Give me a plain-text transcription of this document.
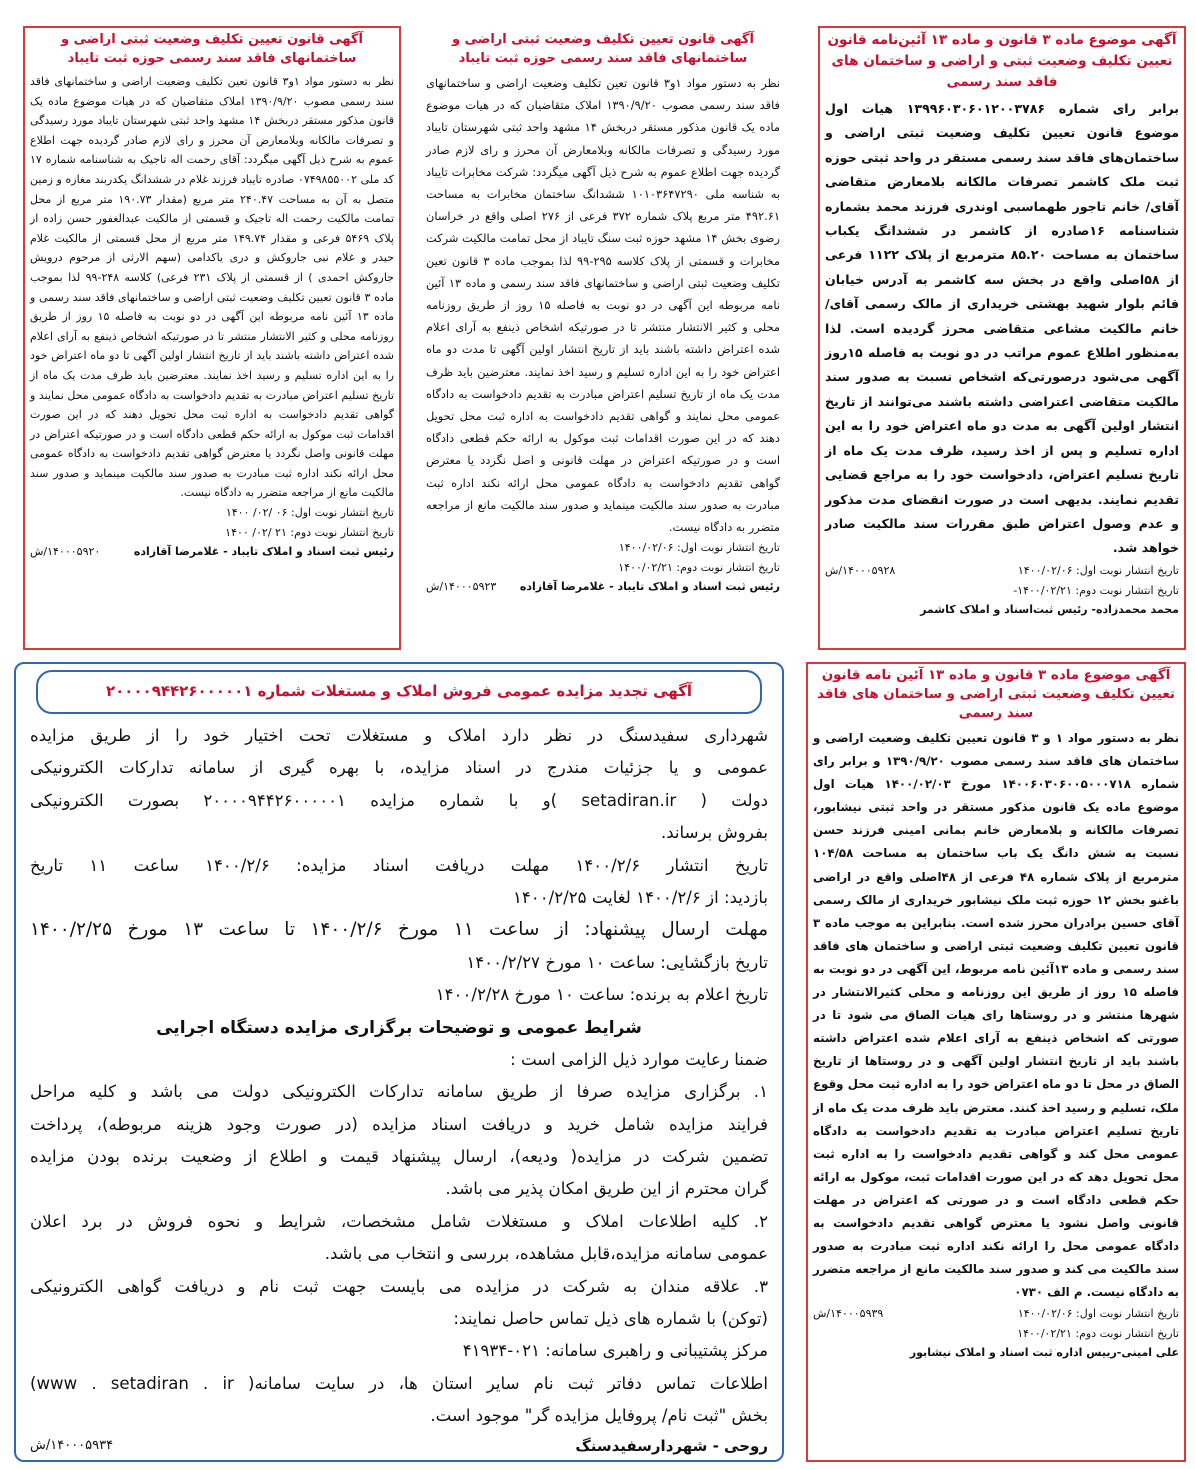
آگهی موضوع ماده ۳ قانون و ماده ۱۳ آئین‌نامه قانون تعیین تکلیف وضعیت ثبتی و اراضی و ساختمان های فاقد سند رسمی
برابر رای شماره ۱۳۹۹۶۰۳۰۶۰۱۲۰۰۳۷۸۶ هیات اول موضوع قانون تعیین تکلیف وضعیت ثبتی اراضی و ساختمان‌های فاقد سند رسمی مستقر در واحد ثبتی حوزه ثبت ملک کاشمر تصرفات مالکانه بلامعارض متقاضی آقای/ خانم تاجور طهماسبی اوندری فرزند محمد بشماره شناسنامه ۱۶صادره از کاشمر در ششدانگ یکباب ساختمان به مساحت ۸۵.۲۰ مترمربع از پلاک ۱۱۲۲ فرعی از ۵۸اصلی واقع در بخش سه کاشمر به آدرس خیابان قائم بلوار شهید بهشتی خریداری از مالک رسمی آقای/خانم مالکیت مشاعی متقاضی محرز گردیده است. لذا به‌منظور اطلاع عموم مراتب در دو نوبت به فاصله ۱۵روز آگهی می‌شود درصورتی‌که اشخاص نسبت به صدور سند مالکیت متقاضی اعتراضی داشته باشند می‌توانند از تاریخ انتشار اولین آگهی به مدت دو ماه اعتراض خود را به این اداره تسلیم و پس از اخذ رسید، ظرف مدت یک ماه از تاریخ تسلیم اعتراض، دادخواست خود را به مراجع قضایی تقدیم نمایند. بدیهی است در صورت انقضای مدت مذکور و عدم وصول اعتراض طبق مقررات سند مالکیت صادر خواهد شد.
تاریخ انتشار نوبت اول: ۱۴۰۰/۰۲/۰۶
۱۴۰۰۰۵۹۲۸/ش
تاریخ انتشار نوبت دوم: ۱۴۰۰/۰۲/۲۱-
محمد محمدزاده- رئیس ثبت‌اسناد و املاک کاشمر
آگهی قانون تعیین تکلیف وضعیت ثبتی اراضی و ساختمانهای فاقد سند رسمی حوزه ثبت تایباد
نظر به دستور مواد ۱و۳ قانون تعین تکلیف وضعیت اراضی و ساختمانهای فاقد سند رسمی مصوب ۱۳۹۰/۹/۲۰ املاک متقاضیان که در هیات موضوع ماده یک قانون مذکور مستقر دربخش ۱۴ مشهد واحد ثبتی شهرستان تایباد مورد رسیدگی و تصرفات مالکانه وبلامعارض آن محرز و رای لازم صادر گردیده جهت اطلاع عموم به شرح ذیل آگهی میگردد: شرکت مخابرات تایباد به شناسه ملی ۱۰۱۰۳۶۴۷۲۹۰ ششدانگ ساختمان مخابرات به مساحت ۴۹۲.۶۱ متر مربع پلاک شماره ۳۷۲ فرعی از ۲۷۶ اصلی واقع در خراسان رضوی بخش ۱۴ مشهد حوزه ثبت سنگ تایباد از محل تمامت مالکیت شرکت مخابرات و قسمتی از پلاک کلاسه ۲۹۵-۹۹ لذا بموجب ماده ۳ قانون تعین تکلیف وضعیت ثبتی اراضی و ساختمانهای فاقد سند رسمی و ماده ۱۳ آئین نامه مربوطه این آگهی در دو نوبت به فاصله ۱۵ روز از طریق روزنامه محلی و کثیر الانتشار منتشر تا در صورتیکه اشخاص ذینفع به آرای اعلام شده اعتراض داشته باشند باید از تاریخ انتشار اولین آگهی تا مدت دو ماه اعتراض خود را به این اداره تسلیم و رسید اخذ نمایند. معترضین باید ظرف مدت یک ماه از تاریخ تسلیم اعتراض مبادرت به تقدیم دادخواست به دادگاه عمومی محل نمایند و گواهی تقدیم دادخواست به اداره ثبت محل تحویل دهند که در این صورت اقدامات ثبت موکول به ارائه حکم قطعی دادگاه است و در صورتیکه اعتراض در مهلت قانونی و اصل نگردد یا معترض گواهی تقدیم دادخواست به دادگاه عمومی محل ارائه نکند اداره ثبت مبادرت به صدور سند مالکیت مینماید و صدور سند مالکیت مانع از مراجعه متضرر به دادگاه نیست.
تاریخ انتشار نوبت اول: ۱۴۰۰/۰۲/۰۶
تاریخ انتشار نوبت دوم: ۱۴۰۰/۰۲/۲۱
رئیس ثبت اسناد و املاک تایباد - غلامرضا آقازاده
۱۴۰۰۰۵۹۲۳/ش
آگهی قانون تعیین تکلیف وضعیت ثبتی اراضی و ساختمانهای فاقد سند رسمی حوزه ثبت تایباد
نظر به دستور مواد ۱و۳ قانون تعین تکلیف وضعیت اراضی و ساختمانهای فاقد سند رسمی مصوب ۱۳۹۰/۹/۲۰ املاک متقاضیان که در هیات موضوع ماده یک قانون مذکور مستقر دربخش ۱۴ مشهد واحد ثبتی شهرستان تایباد مورد رسیدگی و تصرفات مالکانه وبلامعارض آن محرز و رای لازم صادر گردیده جهت اطلاع عموم به شرح ذیل آگهی میگردد: آقای رحمت اله تاجیک به شناسنامه شماره ۱۷ کد ملی ۰۷۴۹۸۵۵۰۰۲ صادره تایباد فرزند غلام در ششدانگ یکدربند مغازه و زمین متصل به آن به مساحت ۲۴۰.۴۷ متر مربع (مقدار ۱۹۰.۷۳ متر مربع از محل تمامت مالکیت رحمت اله تاجیک و قسمتی از مالکیت عبدالغفور حسن زاده از پلاک ۵۴۶۹ فرعی و مقدار ۱۴۹.۷۴ متر مربع از محل قسمتی از مالکیت غلام حیدر و غلام نبی جاروکش و دری یاکدامی (سهم الارثی از مرحوم درویش جاروکش احمدی ) از قسمتی از پلاک ۲۳۱ فرعی) کلاسه ۲۴۸-۹۹ لذا بموجب ماده ۳ قانون تعیین تکلیف وضعیت ثبتی اراضی و ساختمانهای فاقد سند رسمی و ماده ۱۳ آئین نامه مربوطه این آگهی در دو نوبت به فاصله ۱۵ روز از طریق روزنامه محلی و کثیر الانتشار منتشر تا در صورتیکه اشخاص ذینفع به آرای اعلام شده اعتراض داشته باشند باید از تاریخ انتشار اولین آگهی تا دو ماه اعتراض خود را به این اداره تسلیم و رسید اخذ نمایند. معترضین باید ظرف مدت یک ماه از تاریخ تسلیم اعتراض مبادرت به تقدیم دادخواست به دادگاه عمومی محل نمایند و گواهی تقدیم دادخواست به اداره ثبت محل تحویل دهند که در این صورت اقدامات ثبت موکول به ارائه حکم قطعی دادگاه است و در صورتیکه اعتراض در مهلت قانونی واصل نگردد یا معترض گواهی تقدیم دادخواست به دادگاه عمومی محل ارائه نکند اداره ثبت مبادرت به صدور سند مالکیت مینماید و صدور سند مالکیت مانع از مراجعه متضرر به دادگاه نیست.
تاریخ انتشار نوبت اول: ۰۶ /۰۲/ ۱۴۰۰
تاریخ انتشار نوبت دوم: ۲۱ /۰۲/ ۱۴۰۰
رئیس ثبت اسناد و املاک تایباد - غلامرضا آقازاده
۱۴۰۰۰۵۹۲۰/ش
آگهی موضوع ماده ۳ قانون و ماده ۱۳ آئین نامه قانون تعیین تکلیف وضعیت ثبتی اراضی و ساختمان های فاقد سند رسمی
نظر به دستور مواد ۱ و ۳ قانون تعیین تکلیف وضعیت اراضی و ساختمان های فاقد سند رسمی مصوب ۱۳۹۰/۹/۲۰ و برابر رای شماره ۱۴۰۰۶۰۳۰۶۰۰۵۰۰۰۷۱۸ مورخ ۱۴۰۰/۰۲/۰۳ هیات اول موضوع ماده یک قانون مذکور مستقر در واحد ثبتی نیشابور، تصرفات مالکانه و بلامعارض خانم بمانی امینی فرزند حسن نسبت به شش دانگ یک باب ساختمان به مساحت ۱۰۴/۵۸ مترمربع از پلاک شماره ۴۸ فرعی از ۴۸اصلی واقع در اراضی باغنو بخش ۱۲ حوزه ثبت ملک نیشابور خریداری از مالک رسمی آقای حسین برادران محرز شده است. بنابراین به موجب ماده ۳ قانون تعیین تکلیف وضعیت ثبتی اراضی و ساختمان های فاقد سند رسمی و ماده ۱۳آئین نامه مربوط، این آگهی در دو نوبت به فاصله ۱۵ روز از طریق این روزنامه و محلی کثیرالانتشار در شهرها منتشر و در روستاها رای هیات الصاق می شود تا در صورتی که اشخاص ذینفع به آرای اعلام شده اعتراض داشته باشند باید از تاریخ انتشار اولین آگهی و در روستاها از تاریخ الصاق در محل تا دو ماه اعتراض خود را به اداره ثبت محل وقوع ملک، تسلیم و رسید اخذ کنند. معترض باید ظرف مدت یک ماه از تاریخ تسلیم اعتراض مبادرت به تقدیم دادخواست به دادگاه عمومی محل کند و گواهی تقدیم دادخواست را به اداره ثبت محل تحویل دهد که در این صورت اقدامات ثبت، موکول به ارائه حکم قطعی دادگاه است و در صورتی که اعتراض در مهلت قانونی واصل نشود یا معترض گواهی تقدیم دادخواست به دادگاه عمومی محل را ارائه نکند اداره ثبت مبادرت به صدور سند مالکیت می کند و صدور سند مالکیت مانع از مراجعه متضرر به دادگاه نیست. م الف ۰۷۳۰
تاریخ انتشار نوبت اول: ۱۴۰۰/۰۲/۰۶
۱۴۰۰۰۵۹۳۹/ش
تاریخ انتشار نوبت دوم: ۱۴۰۰/۰۲/۲۱
علی امینی-رییس اداره ثبت اسناد و املاک نیشابور
آگهی تجدید مزایده عمومی فروش املاک و مستغلات شماره ۲۰۰۰۰۹۴۴۲۶۰۰۰۰۰۱
شهرداری سفیدسنگ در نظر دارد املاک و مستغلات تحت اختیار خود را از طریق مزایده
عمومی و یا جزئیات مندرج در اسناد مزایده، با بهره گیری از سامانه تدارکات الکترونیکی
دولت ( setadiran.ir )و با شماره مزایده ۲۰۰۰۰۹۴۴۲۶۰۰۰۰۰۱ بصورت الکترونیکی
بفروش برساند.
تاریخ انتشار ۱۴۰۰/۲/۶ مهلت دریافت اسناد مزایده: ۱۴۰۰/۲/۶ ساعت ۱۱ تاریخ
بازدید: از ۱۴۰۰/۲/۶ لغایت ۱۴۰۰/۲/۲۵
مهلت ارسال پیشنهاد: از ساعت ۱۱ مورخ ۱۴۰۰/۲/۶ تا ساعت ۱۳ مورخ ۱۴۰۰/۲/۲۵
تاریخ بازگشایی: ساعت ۱۰ مورخ ۱۴۰۰/۲/۲۷
تاریخ اعلام به برنده: ساعت ۱۰ مورخ ۱۴۰۰/۲/۲۸
شرایط عمومی و توضیحات برگزاری مزایده دستگاه اجرایی
ضمنا رعایت موارد ذیل الزامی است :
۱. برگزاری مزایده صرفا از طریق سامانه تدارکات الکترونیکی دولت می باشد و کلیه مراحل
فرایند مزایده شامل خرید و دریافت اسناد مزایده (در صورت وجود هزینه مربوطه)، پرداخت
تضمین شرکت در مزایده( ودیعه)، ارسال پیشنهاد قیمت و اطلاع از وضعیت برنده بودن مزایده
گران محترم از این طریق امکان پذیر می باشد.
۲. کلیه اطلاعات املاک و مستغلات شامل مشخصات، شرایط و نحوه فروش در برد اعلان
عمومی سامانه مزایده،قابل مشاهده، بررسی و انتخاب می باشد.
۳. علاقه مندان به شرکت در مزایده می بایست جهت ثبت نام و دریافت گواهی الکترونیکی
(توکن) با شماره های ذیل تماس حاصل نمایند:
مرکز پشتیبانی و راهبری سامانه: ۰۲۱-۴۱۹۳۴
اطلاعات تماس دفاتر ثبت نام سایر استان ها، در سایت سامانه( www . setadiran . ir)
بخش "ثبت نام/ پروفایل مزایده گر" موجود است.
روحی - شهردارسفیدسنگ
۱۴۰۰۰۵۹۳۴/ش
